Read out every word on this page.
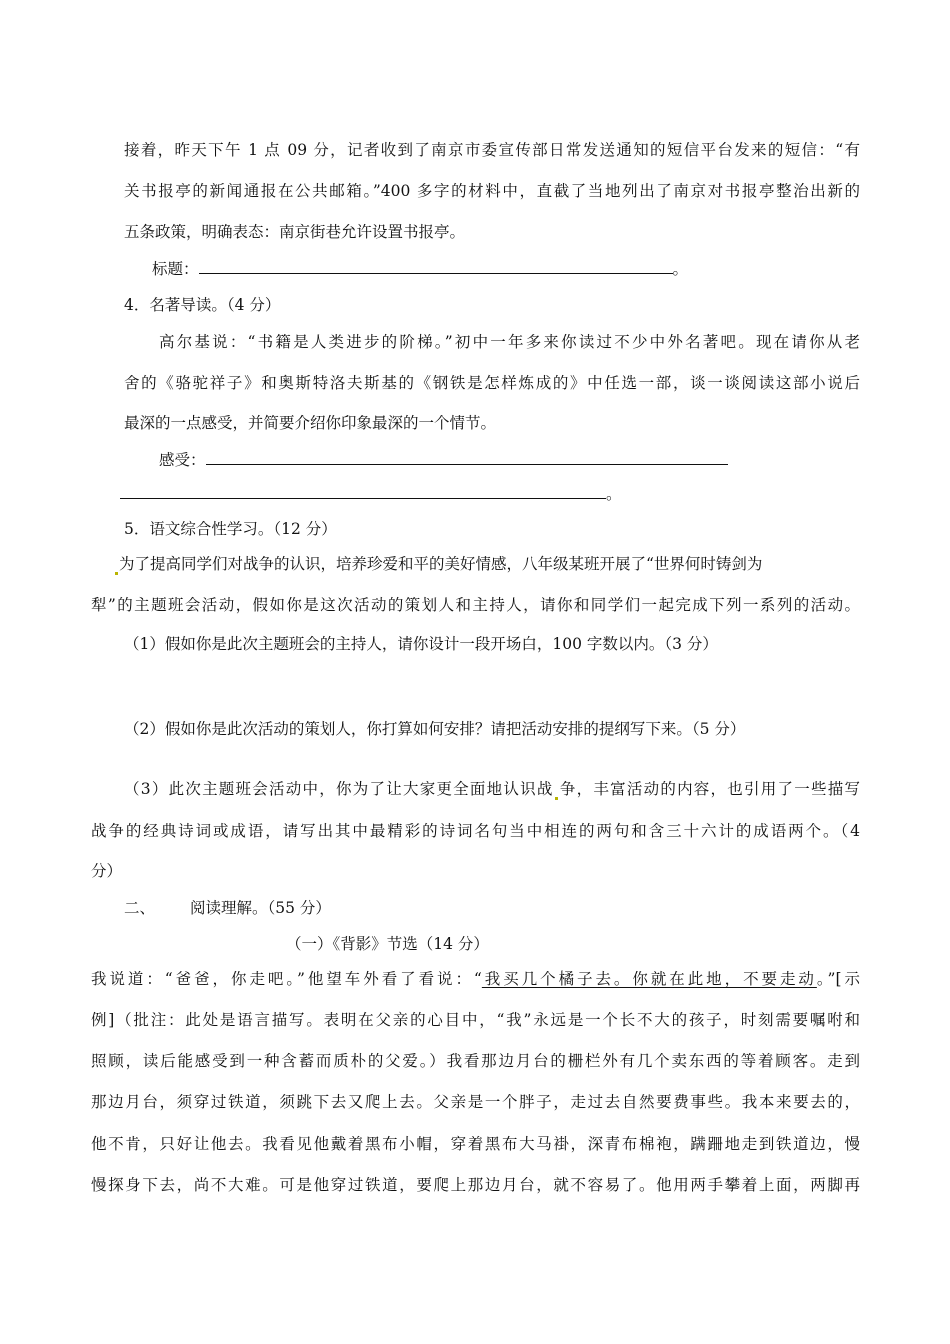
接着，昨天下午 1 点 09 分，记者收到了南京市委宣传部日常发送通知的短信平台发来的短信：“有
关书报亭的新闻通报在公共邮箱。”400 多字的材料中，直截了当地列出了南京对书报亭整治出新的
五条政策，明确表态：南京街巷允许设置书报亭。
标题：	。
4．名著导读。（4 分）
高尔基说：“书籍是人类进步的阶梯。”初中一年多来你读过不少中外名著吧。现在请你从老
舍的《骆驼祥子》和奥斯特洛夫斯基的《钢铁是怎样炼成的》中任选一部，谈一谈阅读这部小说后
最深的一点感受，并简要介绍你印象最深的一个情节。
感受：
。
5．语文综合性学习。（12 分）
为了提高同学们对战争的认识，培养珍爱和平的美好情感，八年级某班开展了“世界何时铸剑为
犁”的主题班会活动，假如你是这次活动的策划人和主持人，请你和同学们一起完成下列一系列的活动。
（1）假如你是此次主题班会的主持人，请你设计一段开场白，100 字数以内。（3 分）
（2）假如你是此次活动的策划人，你打算如何安排？请把活动安排的提纲写下来。（5 分）
（3）此次主题班会活动中，你为了让大家更全面地认识战 争，丰富活动的内容，也引用了一些描写
战争的经典诗词或成语，请写出其中最精彩的诗词名句当中相连的两句和含三十六计的成语两个。（4
分）
二、 阅读理解。（55 分）
（一）《背影》节选（14 分）
我说道：“爸爸，你走吧。”他望车外看了看说：“我买几个橘子去。你就在此地，不要走动。”[示
例]（批注：此处是语言描写。表明在父亲的心目中，“我”永远是一个长不大的孩子，时刻需要嘱咐和
照顾，读后能感受到一种含蓄而质朴的父爱。）我看那边月台的栅栏外有几个卖东西的等着顾客。走到
那边月台，须穿过铁道，须跳下去又爬上去。父亲是一个胖子，走过去自然要费事些。我本来要去的，
他不肯，只好让他去。我看见他戴着黑布小帽，穿着黑布大马褂，深青布棉袍，蹒跚地走到铁道边，慢
慢探身下去，尚不大难。可是他穿过铁道，要爬上那边月台，就不容易了。他用两手攀着上面，两脚再
